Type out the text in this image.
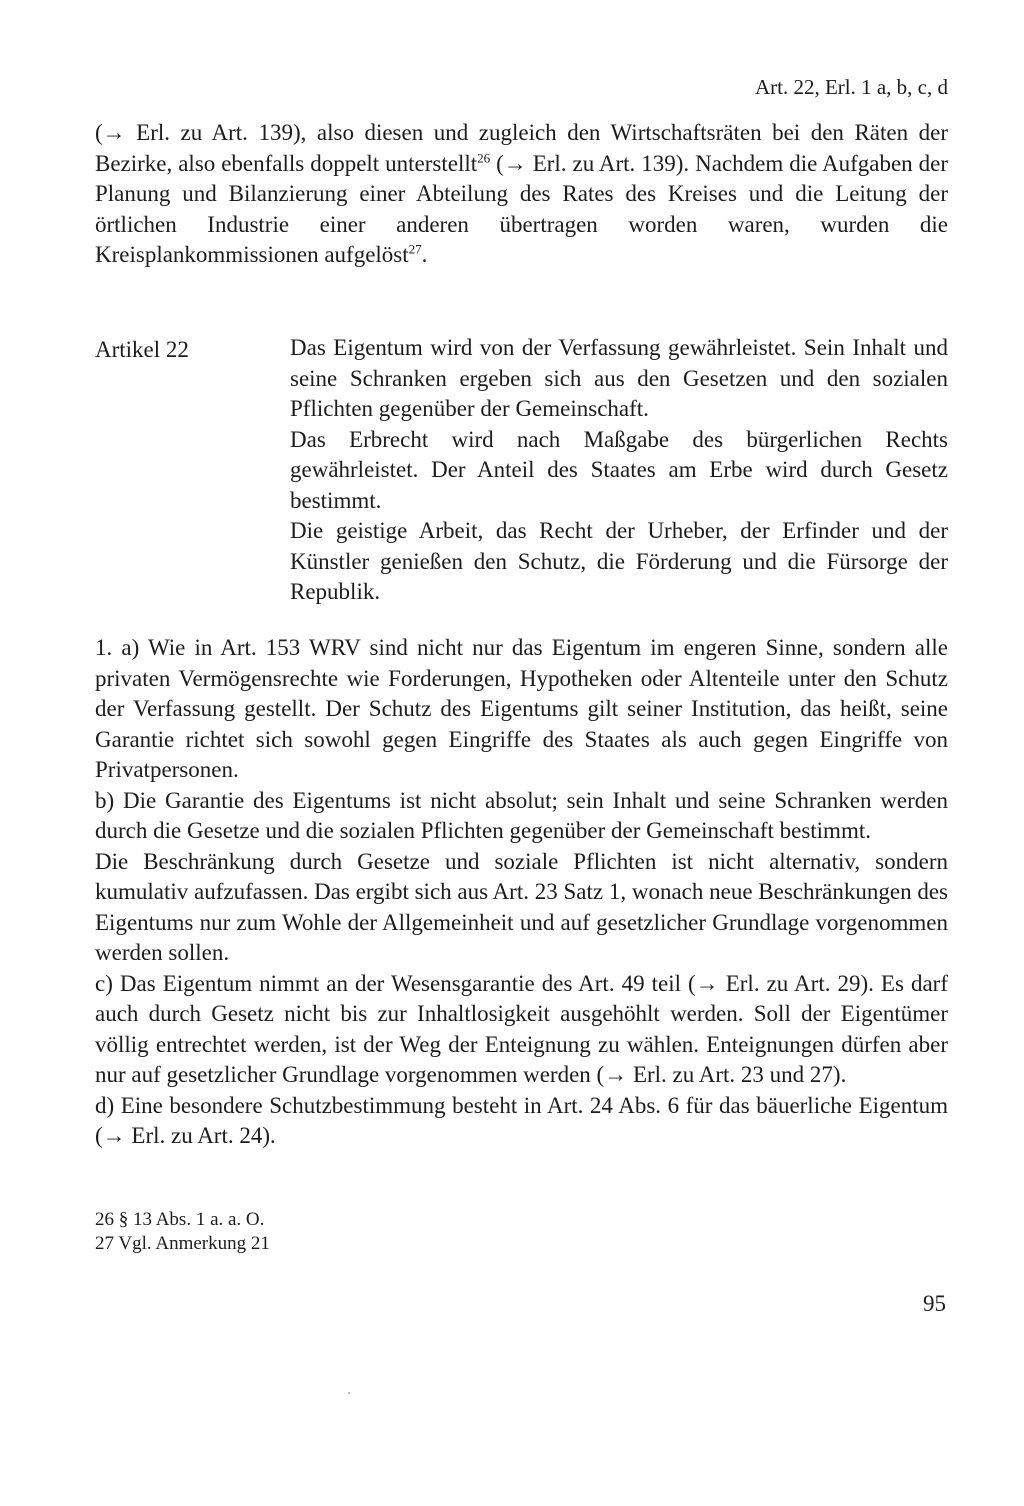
Art. 22, Erl. 1 a, b, c, d

(→ Erl. zu Art. 139), also diesen und zugleich den Wirtschaftsräten bei den Räten der Bezirke, also ebenfalls doppelt unterstellt$^{26}$ (→ Erl. zu Art. 139). Nachdem die Aufgaben der Planung und Bilanzierung einer Abteilung des Rates des Kreises und die Leitung der örtlichen Industrie einer anderen übertragen worden waren, wurden die Kreisplankommissionen aufgelöst$^{27}$.

Artikel 22	Das Eigentum wird von der Verfassung gewährleistet. Sein Inhalt und seine Schranken ergeben sich aus den Gesetzen und den sozialen Pflichten gegenüber der Gemeinschaft.

Das Erbrecht wird nach Maßgabe des bürgerlichen Rechts gewährleistet. Der Anteil des Staates am Erbe wird durch Gesetz bestimmt.

Die geistige Arbeit, das Recht der Urheber, der Erfinder und der Künstler genießen den Schutz, die Förderung und die Fürsorge der Republik.

1. a) Wie in Art. 153 WRV sind nicht nur das Eigentum im engeren Sinne, sondern alle privaten Vermögensrechte wie Forderungen, Hypotheken oder Altenteile unter den Schutz der Verfassung gestellt. Der Schutz des Eigentums gilt seiner Institution, das heißt, seine Garantie richtet sich sowohl gegen Eingriffe des Staates als auch gegen Eingriffe von Privatpersonen.

b) Die Garantie des Eigentums ist nicht absolut; sein Inhalt und seine Schranken werden durch die Gesetze und die sozialen Pflichten gegenüber der Gemeinschaft bestimmt.

Die Beschränkung durch Gesetze und soziale Pflichten ist nicht alternativ, sondern kumulativ aufzufassen. Das ergibt sich aus Art. 23 Satz 1, wonach neue Beschränkungen des Eigentums nur zum Wohle der Allgemeinheit und auf gesetzlicher Grundlage vorgenommen werden sollen.

c) Das Eigentum nimmt an der Wesensgarantie des Art. 49 teil (→ Erl. zu Art. 29). Es darf auch durch Gesetz nicht bis zur Inhaltlosigkeit ausgehöhlt werden. Soll der Eigentümer völlig entrechtet werden, ist der Weg der Enteignung zu wählen. Enteignungen dürfen aber nur auf gesetzlicher Grundlage vorgenommen werden (→ Erl. zu Art. 23 und 27).

d) Eine besondere Schutzbestimmung besteht in Art. 24 Abs. 6 für das bäuerliche Eigentum (→ Erl. zu Art. 24).

26 § 13 Abs. 1 a. a. O.

27 Vgl. Anmerkung 21

95
